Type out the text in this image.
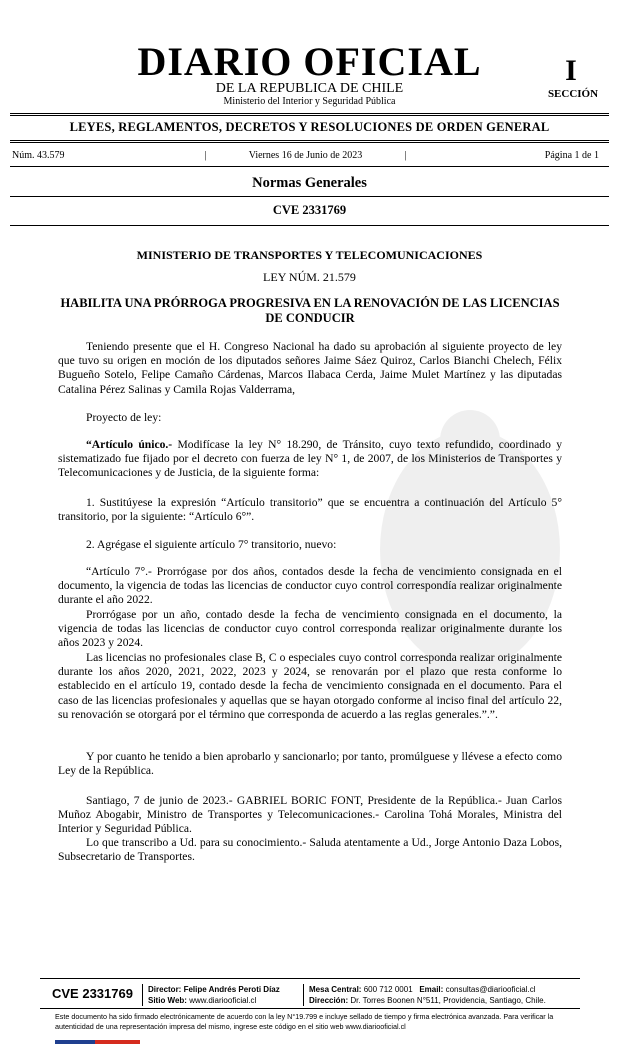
DIARIO OFICIAL
DE LA REPUBLICA DE CHILE
Ministerio del Interior y Seguridad Pública
I
SECCIÓN
LEYES, REGLAMENTOS, DECRETOS Y RESOLUCIONES DE ORDEN GENERAL
Núm. 43.579	|	Viernes 16 de Junio de 2023	|	Página 1 de 1
Normas Generales
CVE 2331769
MINISTERIO DE TRANSPORTES Y TELECOMUNICACIONES
LEY NÚM. 21.579
HABILITA UNA PRÓRROGA PROGRESIVA EN LA RENOVACIÓN DE LAS LICENCIAS DE CONDUCIR
Teniendo presente que el H. Congreso Nacional ha dado su aprobación al siguiente proyecto de ley que tuvo su origen en moción de los diputados señores Jaime Sáez Quiroz, Carlos Bianchi Chelech, Félix Bugueño Sotelo, Felipe Camaño Cárdenas, Marcos Ilabaca Cerda, Jaime Mulet Martínez y las diputadas Catalina Pérez Salinas y Camila Rojas Valderrama,
Proyecto de ley:
“Artículo único.- Modifícase la ley N° 18.290, de Tránsito, cuyo texto refundido, coordinado y sistematizado fue fijado por el decreto con fuerza de ley N° 1, de 2007, de los Ministerios de Transportes y Telecomunicaciones y de Justicia, de la siguiente forma:
1. Sustitúyese la expresión “Artículo transitorio” que se encuentra a continuación del Artículo 5° transitorio, por la siguiente: “Artículo 6°”.
2. Agrégase el siguiente artículo 7° transitorio, nuevo:
“Artículo 7°.- Prorrógase por dos años, contados desde la fecha de vencimiento consignada en el documento, la vigencia de todas las licencias de conductor cuyo control correspondía realizar originalmente durante el año 2022.
Prorrógase por un año, contado desde la fecha de vencimiento consignada en el documento, la vigencia de todas las licencias de conductor cuyo control corresponda realizar originalmente durante los años 2023 y 2024.
Las licencias no profesionales clase B, C o especiales cuyo control corresponda realizar originalmente durante los años 2020, 2021, 2022, 2023 y 2024, se renovarán por el plazo que resta conforme lo establecido en el artículo 19, contado desde la fecha de vencimiento consignada en el documento. Para el caso de las licencias profesionales y aquellas que se hayan otorgado conforme al inciso final del artículo 22, su renovación se otorgará por el término que corresponda de acuerdo a las reglas generales.”.”.
Y por cuanto he tenido a bien aprobarlo y sancionarlo; por tanto, promúlguese y llévese a efecto como Ley de la República.
Santiago, 7 de junio de 2023.- GABRIEL BORIC FONT, Presidente de la República.- Juan Carlos Muñoz Abogabir, Ministro de Transportes y Telecomunicaciones.- Carolina Tohá Morales, Ministra del Interior y Seguridad Pública.
Lo que transcribo a Ud. para su conocimiento.- Saluda atentamente a Ud., Jorge Antonio Daza Lobos, Subsecretario de Transportes.
CVE 2331769 Director: Felipe Andrés Peroti Díaz
Sitio Web: www.diariooficial.cl
Mesa Central: 600 712 0001 Email: consultas@diariooficial.cl
Dirección: Dr. Torres Boonen N°511, Providencia, Santiago, Chile.
Este documento ha sido firmado electrónicamente de acuerdo con la ley N°19.799 e incluye sellado de tiempo y firma electrónica avanzada. Para verificar la autenticidad de una representación impresa del mismo, ingrese este código en el sitio web www.diariooficial.cl
